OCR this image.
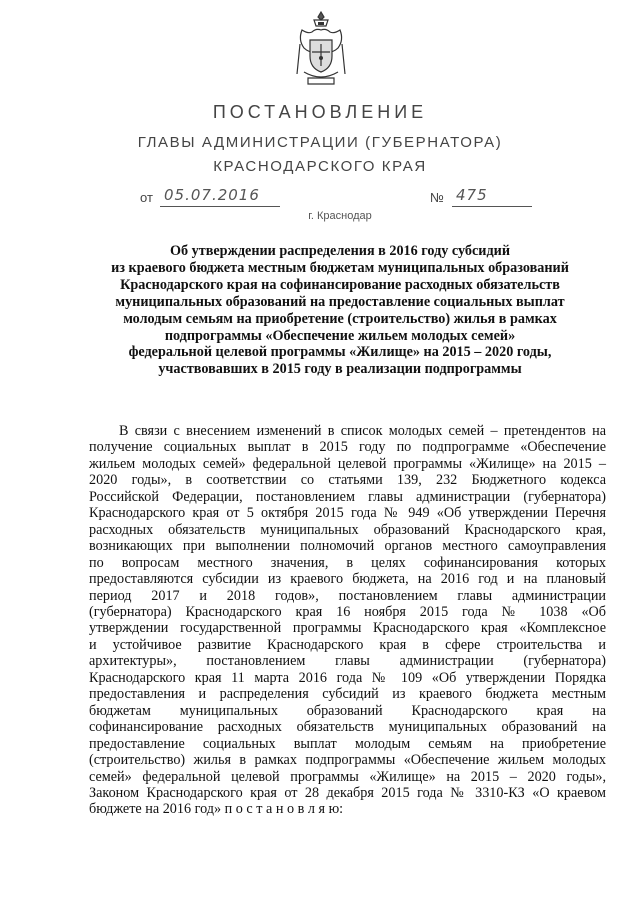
ПОСТАНОВЛЕНИЕ
ГЛАВЫ АДМИНИСТРАЦИИ (ГУБЕРНАТОРА)
КРАСНОДАРСКОГО КРАЯ
от 05.07.2016	№ 475
г. Краснодар
Об утверждении распределения в 2016 году субсидий
из краевого бюджета местным бюджетам муниципальных образований
Краснодарского края на софинансирование расходных обязательств
муниципальных образований на предоставление социальных выплат
молодым семьям на приобретение (строительство) жилья в рамках
подпрограммы «Обеспечение жильем молодых семей»
федеральной целевой программы «Жилище» на 2015 – 2020 годы,
участвовавших в 2015 году в реализации подпрограммы
В связи с внесением изменений в список молодых семей – претендентов на
получение социальных выплат в 2015 году по подпрограмме «Обеспечение
жильем молодых семей» федеральной целевой программы «Жилище» на 2015 –
2020 годы», в соответствии со статьями 139, 232 Бюджетного кодекса
Российской Федерации, постановлением главы администрации (губернатора)
Краснодарского края от 5 октября 2015 года № 949 «Об утверждении Перечня
расходных обязательств муниципальных образований Краснодарского края,
возникающих при выполнении полномочий органов местного самоуправления
по вопросам местного значения, в целях софинансирования которых
предоставляются субсидии из краевого бюджета, на 2016 год и на плановый
период 2017 и 2018 годов», постановлением главы администрации
(губернатора) Краснодарского края 16 ноября 2015 года № 1038 «Об
утверждении государственной программы Краснодарского края «Комплексное
и устойчивое развитие Краснодарского края в сфере строительства и
архитектуры», постановлением главы администрации (губернатора)
Краснодарского края 11 марта 2016 года № 109 «Об утверждении Порядка
предоставления и распределения субсидий из краевого бюджета местным
бюджетам муниципальных образований Краснодарского края на
софинансирование расходных обязательств муниципальных образований на
предоставление социальных выплат молодым семьям на приобретение
(строительство) жилья в рамках подпрограммы «Обеспечение жильем молодых
семей» федеральной целевой программы «Жилище» на 2015 – 2020 годы»,
Законом Краснодарского края от 28 декабря 2015 года № 3310-КЗ «О краевом
бюджете на 2016 год» п о с т а н о в л я ю:
